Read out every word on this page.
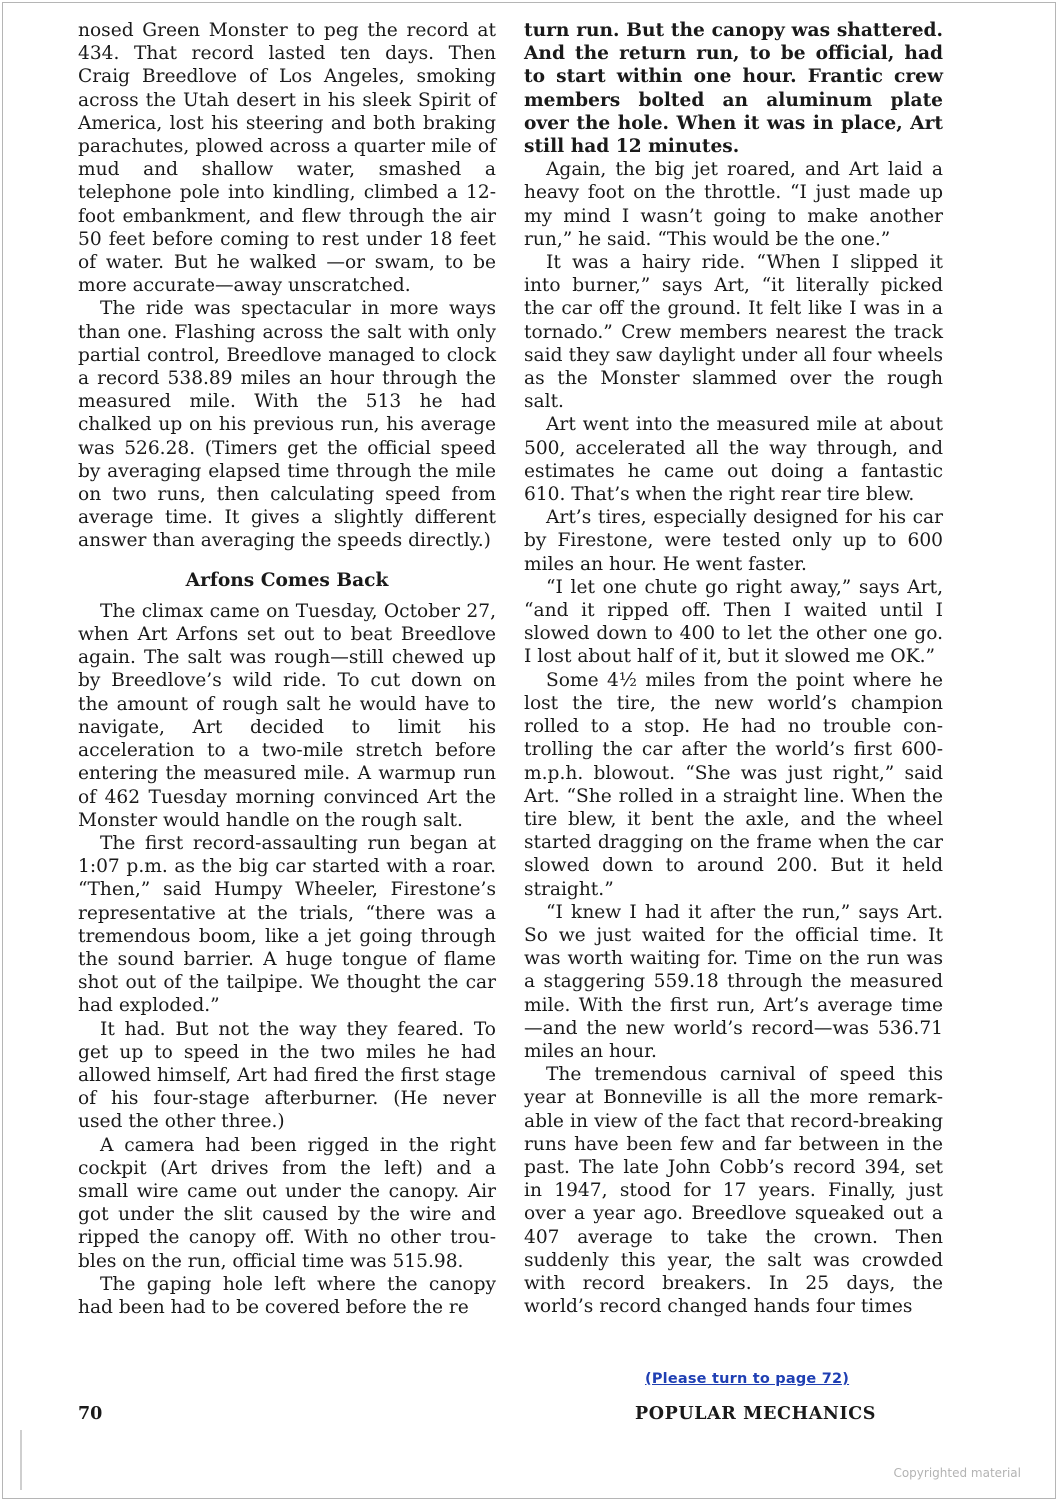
nosed Green Monster to peg the record at 434. That record lasted ten days. Then Craig Breedlove of Los Angeles, smoking across the Utah desert in his sleek Spirit of America, lost his steering and both braking parachutes, plowed across a quarter mile of mud and shallow water, smashed a telephone pole into kindling, climbed a 12-foot embankment, and flew through the air 50 feet before coming to rest under 18 feet of water. But he walked —or swam, to be more accurate—away unscratched.

The ride was spectacular in more ways than one. Flashing across the salt with only partial control, Breedlove managed to clock a record 538.89 miles an hour through the measured mile. With the 513 he had chalked up on his previous run, his average was 526.28. (Timers get the official speed by averaging elapsed time through the mile on two runs, then calculating speed from average time. It gives a slightly different answer than averaging the speeds directly.)

Arfons Comes Back

The climax came on Tuesday, October 27, when Art Arfons set out to beat Breedlove again. The salt was rough—still chewed up by Breedlove’s wild ride. To cut down on the amount of rough salt he would have to navigate, Art decided to limit his acceleration to a two-mile stretch before entering the measured mile. A warmup run of 462 Tuesday morning convinced Art the Monster would handle on the rough salt.

The first record-assaulting run began at 1:07 p.m. as the big car started with a roar. “Then,” said Humpy Wheeler, Firestone’s representative at the trials, “there was a tremendous boom, like a jet going through the sound barrier. A huge tongue of flame shot out of the tailpipe. We thought the car had exploded.”

It had. But not the way they feared. To get up to speed in the two miles he had allowed himself, Art had fired the first stage of his four-stage afterburner. (He never used the other three.)

A camera had been rigged in the right cockpit (Art drives from the left) and a small wire came out under the canopy. Air got under the slit caused by the wire and ripped the canopy off. With no other troubles on the run, official time was 515.98.

The gaping hole left where the canopy had been had to be covered before the re

turn run. But the canopy was shattered. And the return run, to be official, had to start within one hour. Frantic crew members bolted an aluminum plate over the hole. When it was in place, Art still had 12 minutes.

Again, the big jet roared, and Art laid a heavy foot on the throttle. “I just made up my mind I wasn’t going to make another run,” he said. “This would be the one.”

It was a hairy ride. “When I slipped it into burner,” says Art, “it literally picked the car off the ground. It felt like I was in a tornado.” Crew members nearest the track said they saw daylight under all four wheels as the Monster slammed over the rough salt.

Art went into the measured mile at about 500, accelerated all the way through, and estimates he came out doing a fantastic 610. That’s when the right rear tire blew.

Art’s tires, especially designed for his car by Firestone, were tested only up to 600 miles an hour. He went faster.

“I let one chute go right away,” says Art, “and it ripped off. Then I waited until I slowed down to 400 to let the other one go. I lost about half of it, but it slowed me OK.”

Some 4½ miles from the point where he lost the tire, the new world’s champion rolled to a stop. He had no trouble controlling the car after the world’s first 600-m.p.h. blowout. “She was just right,” said Art. “She rolled in a straight line. When the tire blew, it bent the axle, and the wheel started dragging on the frame when the car slowed down to around 200. But it held straight.”

“I knew I had it after the run,” says Art. So we just waited for the official time. It was worth waiting for. Time on the run was a staggering 559.18 through the measured mile. With the first run, Art’s average time—and the new world’s record—was 536.71 miles an hour.

The tremendous carnival of speed this year at Bonneville is all the more remarkable in view of the fact that record-breaking runs have been few and far between in the past. The late John Cobb’s record 394, set in 1947, stood for 17 years. Finally, just over a year ago. Breedlove squeaked out a 407 average to take the crown. Then suddenly this year, the salt was crowded with record breakers. In 25 days, the world’s record changed hands four times

(Please turn to page 72)
70	POPULAR MECHANICS
Copyrighted material
